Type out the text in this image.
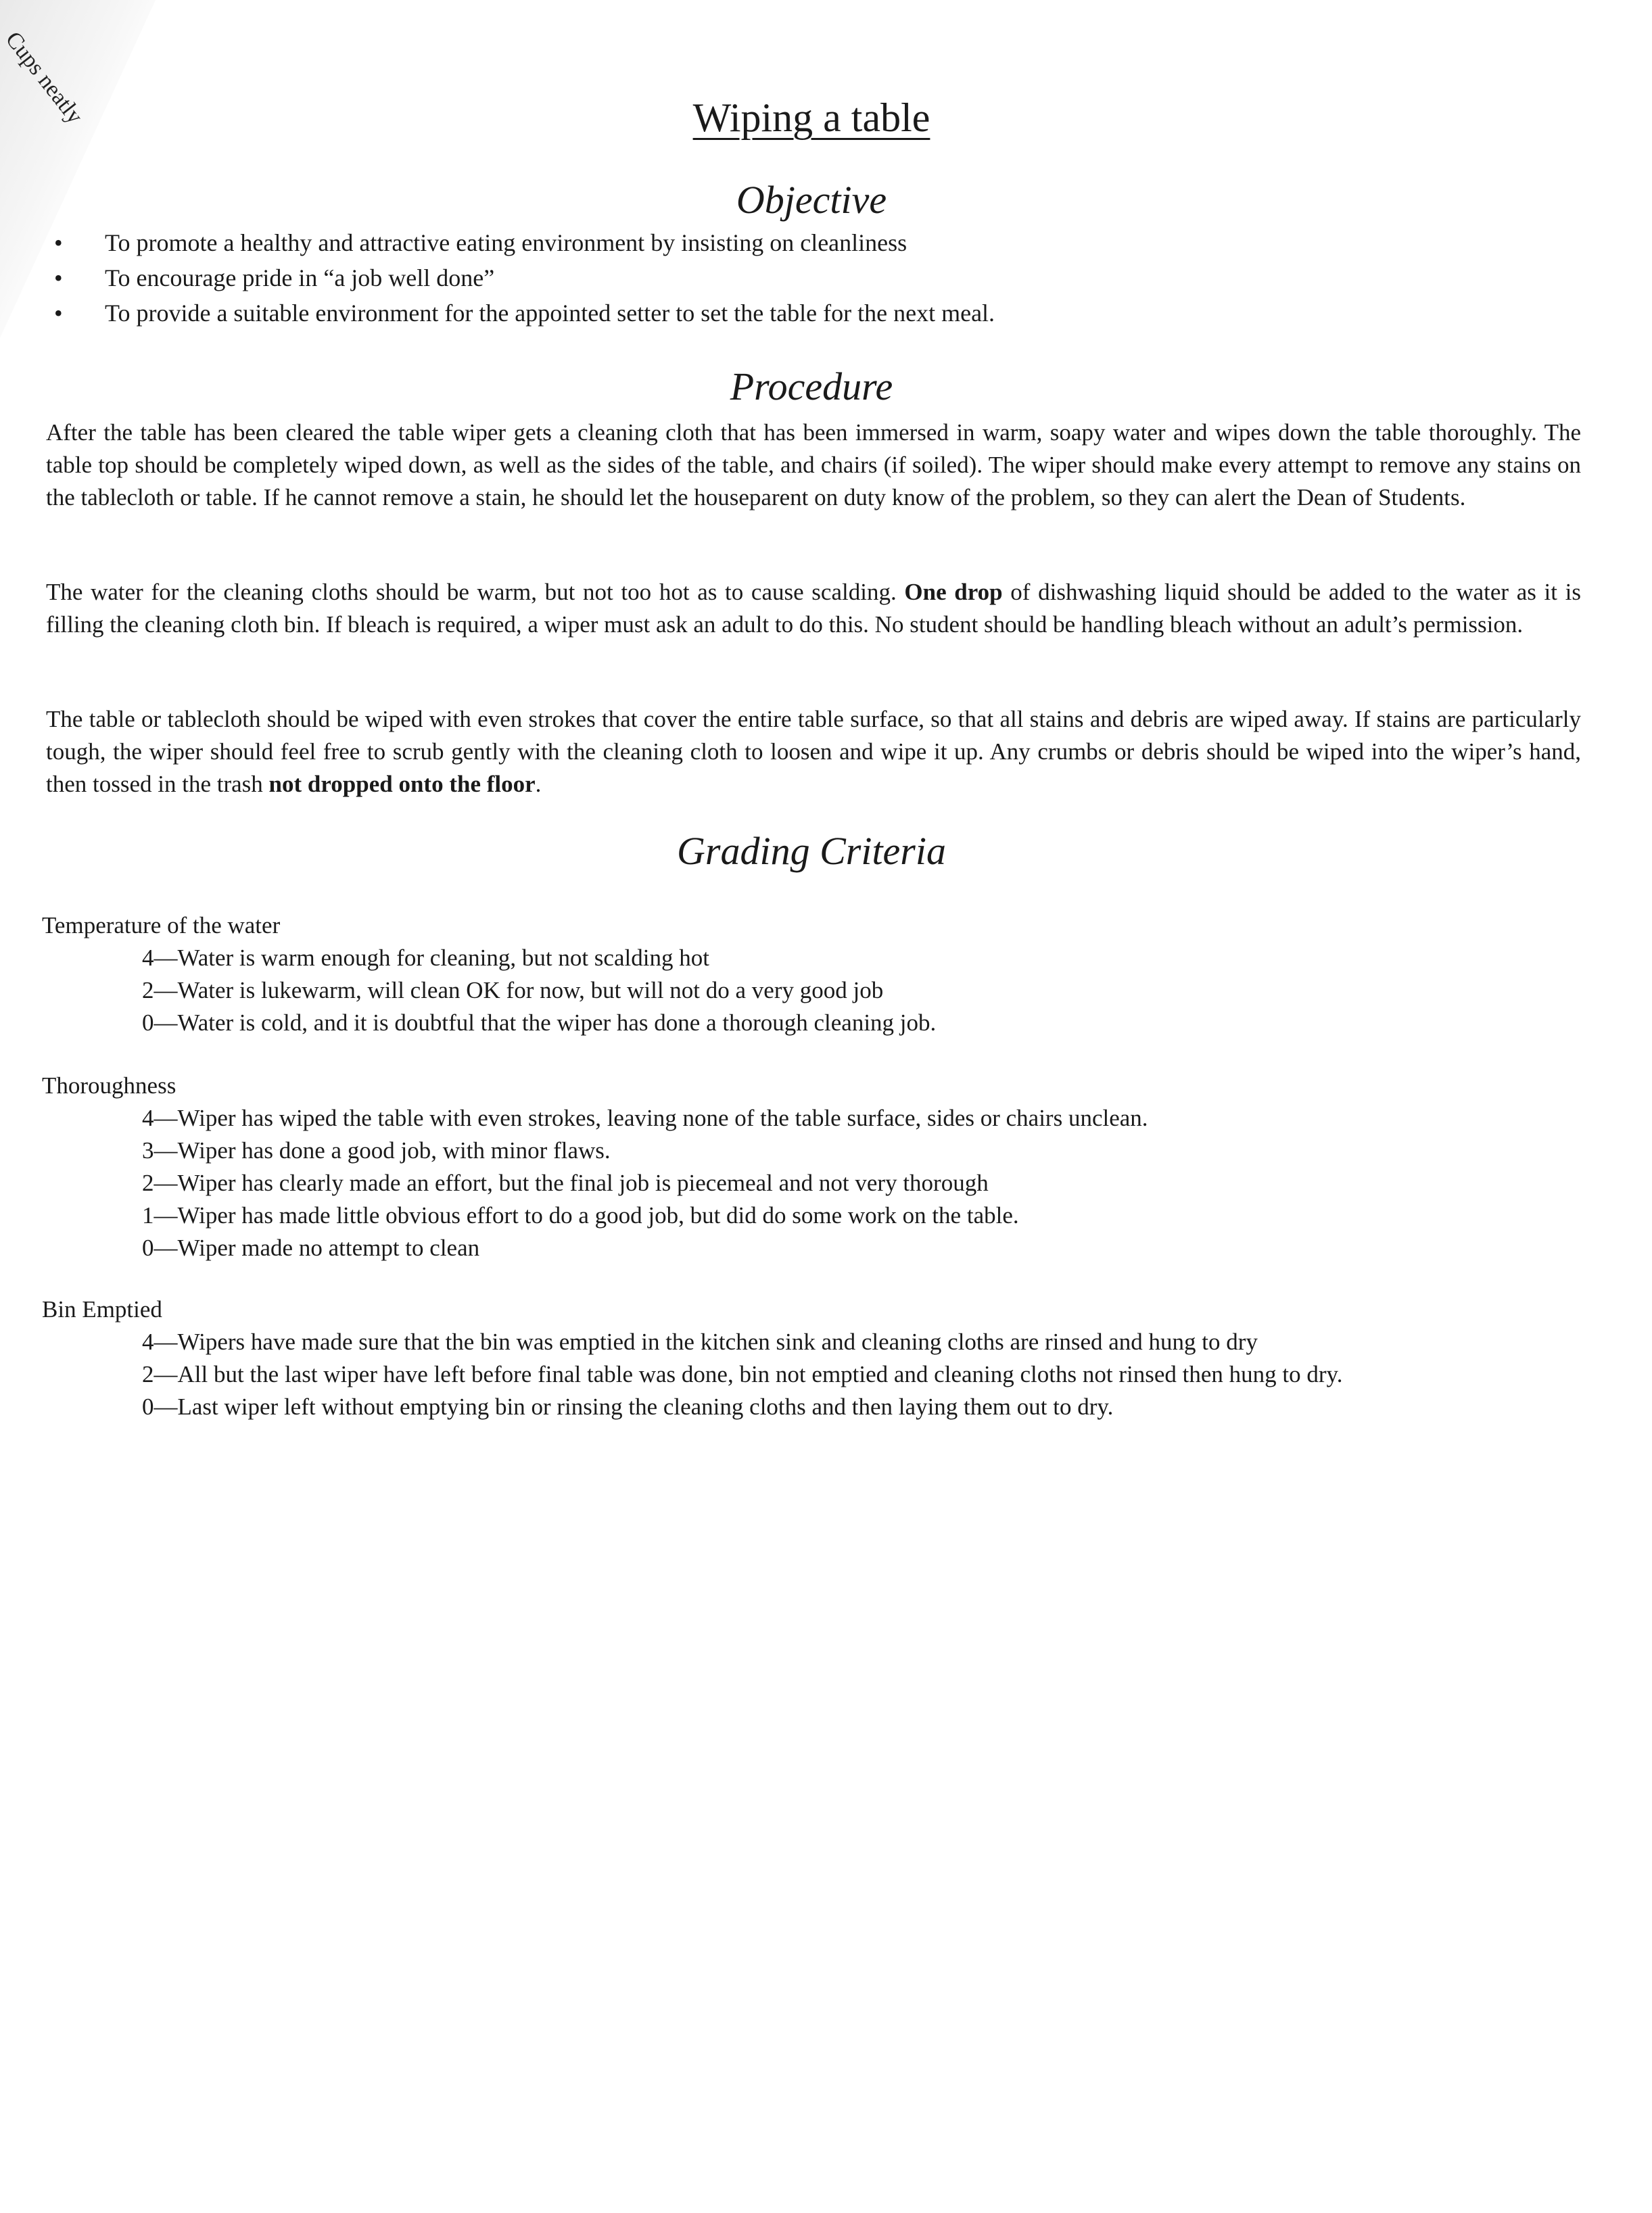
Cups neatly	Wiping a table
Objective
• To promote a healthy and attractive eating environment by insisting on cleanliness
• To encourage pride in “a job well done”
• To provide a suitable environment for the appointed setter to set the table for the next meal.
Procedure

After the table has been cleared the table wiper gets a cleaning cloth that has been immersed in warm, soapy water and wipes down the table thoroughly. The table top should be completely wiped down, as well as the sides of the table, and chairs (if soiled). The wiper should make every attempt to remove any stains on the tablecloth or table. If he cannot remove a stain, he should let the houseparent on duty know of the problem, so they can alert the Dean of Students.

The water for the cleaning cloths should be warm, but not too hot as to cause scalding. One drop of dishwashing liquid should be added to the water as it is filling the cleaning cloth bin. If bleach is required, a wiper must ask an adult to do this. No student should be handling bleach without an adult’s permission.

The table or tablecloth should be wiped with even strokes that cover the entire table surface, so that all stains and debris are wiped away. If stains are particularly tough, the wiper should feel free to scrub gently with the cleaning cloth to loosen and wipe it up. Any crumbs or debris should be wiped into the wiper’s hand, then tossed in the trash not dropped onto the floor.

Grading Criteria

Temperature of the water

4—Water is warm enough for cleaning, but not scalding hot
2—Water is lukewarm, will clean OK for now, but will not do a very good job
0—Water is cold, and it is doubtful that the wiper has done a thorough cleaning job.

Thoroughness

4—Wiper has wiped the table with even strokes, leaving none of the table surface, sides or chairs unclean.
3—Wiper has done a good job, with minor flaws.
2—Wiper has clearly made an effort, but the final job is piecemeal and not very thorough
1—Wiper has made little obvious effort to do a good job, but did do some work on the table.
0—Wiper made no attempt to clean

Bin Emptied

4—Wipers have made sure that the bin was emptied in the kitchen sink and cleaning cloths are rinsed and hung to dry
2—All but the last wiper have left before final table was done, bin not emptied and cleaning cloths not rinsed then hung to dry.
0—Last wiper left without emptying bin or rinsing the cleaning cloths and then laying them out to dry.
